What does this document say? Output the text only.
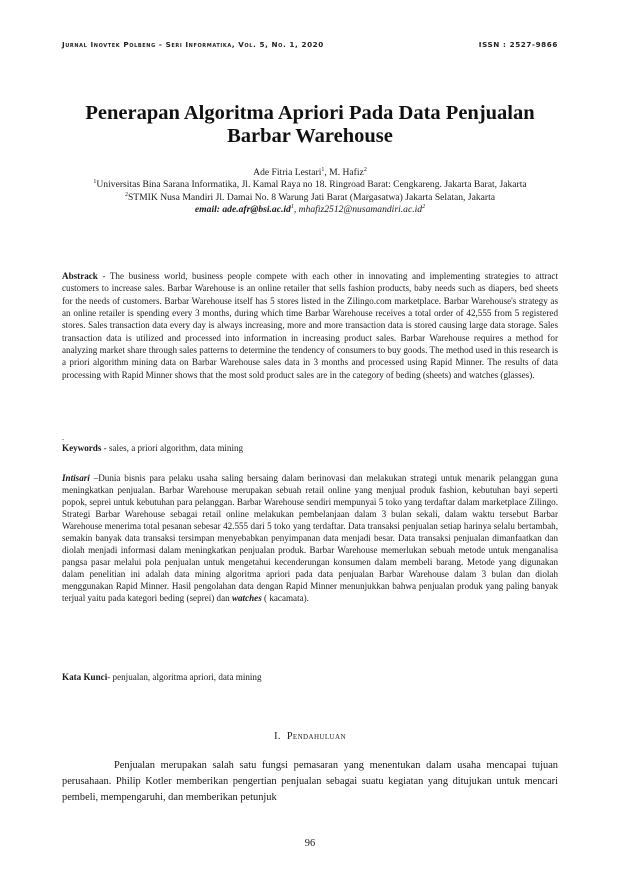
Jurnal Inovtek Polbeng - Seri Informatika, Vol. 5, No. 1, 2020	ISSN : 2527-9866
Penerapan Algoritma Apriori Pada Data Penjualan
Barbar Warehouse
Ade Fitria Lestari$^1$, M. Hafiz$^2$
$^1$Universitas Bina Sarana Informatika, Jl. Kamal Raya no 18. Ringroad Barat: Cengkareng. Jakarta Barat, Jakarta
$^2$STMIK Nusa Mandiri Jl. Damai No. 8 Warung Jati Barat (Margasatwa) Jakarta Selatan, Jakarta
email: $ade.afr@bsi.ac.id^1$, $mhafiz2512@nusamandiri.ac.id^2$
Abstrack - The business world, business people compete with each other in innovating and implementing strategies to attract customers to increase sales. Barbar Warehouse is an online retailer that sells fashion products, baby needs such as diapers, bed sheets for the needs of customers. Barbar Warehouse itself has 5 stores listed in the Zilingo.com marketplace. Barbar Warehouse's strategy as an online retailer is spending every 3 months, during which time Barbar Warehouse receives a total order of 42,555 from 5 registered stores. Sales transaction data every day is always increasing, more and more transaction data is stored causing large data storage. Sales transaction data is utilized and processed into information in increasing product sales. Barbar Warehouse requires a method for analyzing market share through sales patterns to determine the tendency of consumers to buy goods. The method used in this research is a priori algorithm mining data on Barbar Warehouse sales data in 3 months and processed using Rapid Minner. The results of data processing with Rapid Minner shows that the most sold product sales are in the category of beding (sheets) and watches (glasses).
.
Keywords - sales, a priori algorithm, data mining
Intisari –Dunia bisnis para pelaku usaha saling bersaing dalam berinovasi dan melakukan strategi untuk menarik pelanggan guna meningkatkan penjualan. Barbar Warehouse merupakan sebuah retail online yang menjual produk fashion, kebutuhan bayi seperti popok, seprei untuk kebutuhan para pelanggan. Barbar Warehouse sendiri mempunyai 5 toko yang terdaftar dalam marketplace Zilingo. Strategi Barbar Warehouse sebagai retail online melakukan pembelanjaan dalam 3 bulan sekali, dalam waktu tersebut Barbar Warehouse menerima total pesanan sebesar 42.555 dari 5 toko yang terdaftar. Data transaksi penjualan setiap harinya selalu bertambah, semakin banyak data transaksi tersimpan menyebabkan penyimpanan data menjadi besar. Data transaksi penjualan dimanfaatkan dan diolah menjadi informasi dalam meningkatkan penjualan produk. Barbar Warehouse memerlukan sebuah metode untuk menganalisa pangsa pasar melalui pola penjualan untuk mengetahui kecenderungan konsumen dalam membeli barang. Metode yang digunakan dalam penelitian ini adalah data mining algoritma apriori pada data penjualan Barbar Warehouse dalam 3 bulan dan diolah menggunakan Rapid Minner. Hasil pengolahan data dengan Rapid Minner menunjukkan bahwa penjualan produk yang paling banyak terjual yaitu pada kategori beding (seprei) dan watches ( kacamata).
Kata Kunci- penjualan, algoritma apriori, data mining
I. Pendahuluan
Penjualan merupakan salah satu fungsi pemasaran yang menentukan dalam usaha mencapai tujuan perusahaan. Philip Kotler memberikan pengertian penjualan sebagai suatu kegiatan yang ditujukan untuk mencari pembeli, mempengaruhi, dan memberikan petunjuk
96
